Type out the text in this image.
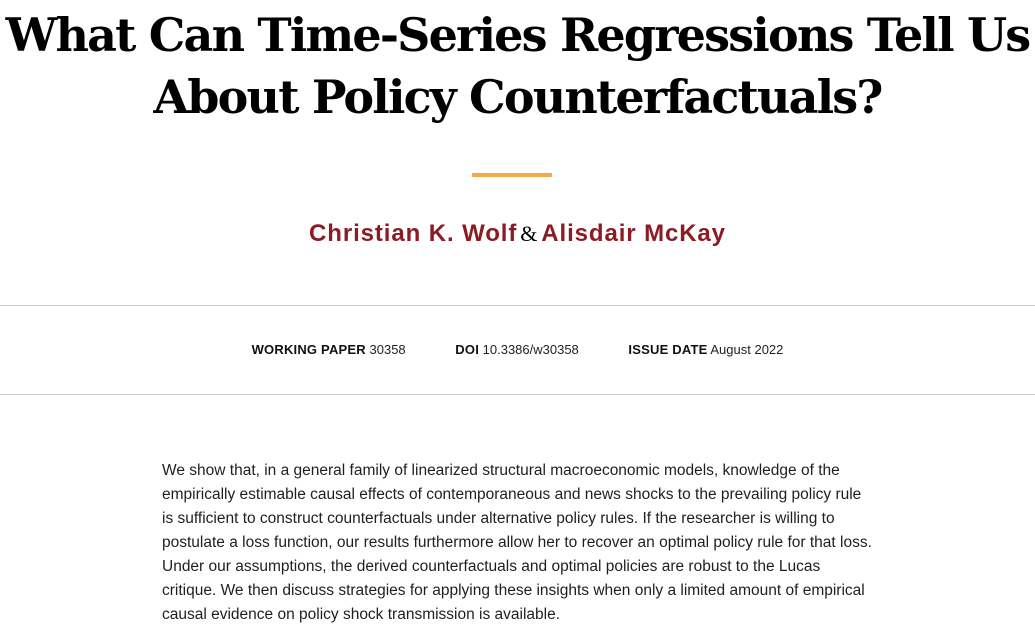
What Can Time-Series Regressions Tell Us
About Policy Counterfactuals?
Christian K. Wolf & Alisdair McKay
WORKING PAPER 30358	DOI 10.3386/w30358	ISSUE DATE August 2022

We show that, in a general family of linearized structural macroeconomic models, knowledge of the empirically estimable causal effects of contemporaneous and news shocks to the prevailing policy rule is sufficient to construct counterfactuals under alternative policy rules. If the researcher is willing to postulate a loss function, our results furthermore allow her to recover an optimal policy rule for that loss. Under our assumptions, the derived counterfactuals and optimal policies are robust to the Lucas critique. We then discuss strategies for applying these insights when only a limited amount of empirical causal evidence on policy shock transmission is available.
